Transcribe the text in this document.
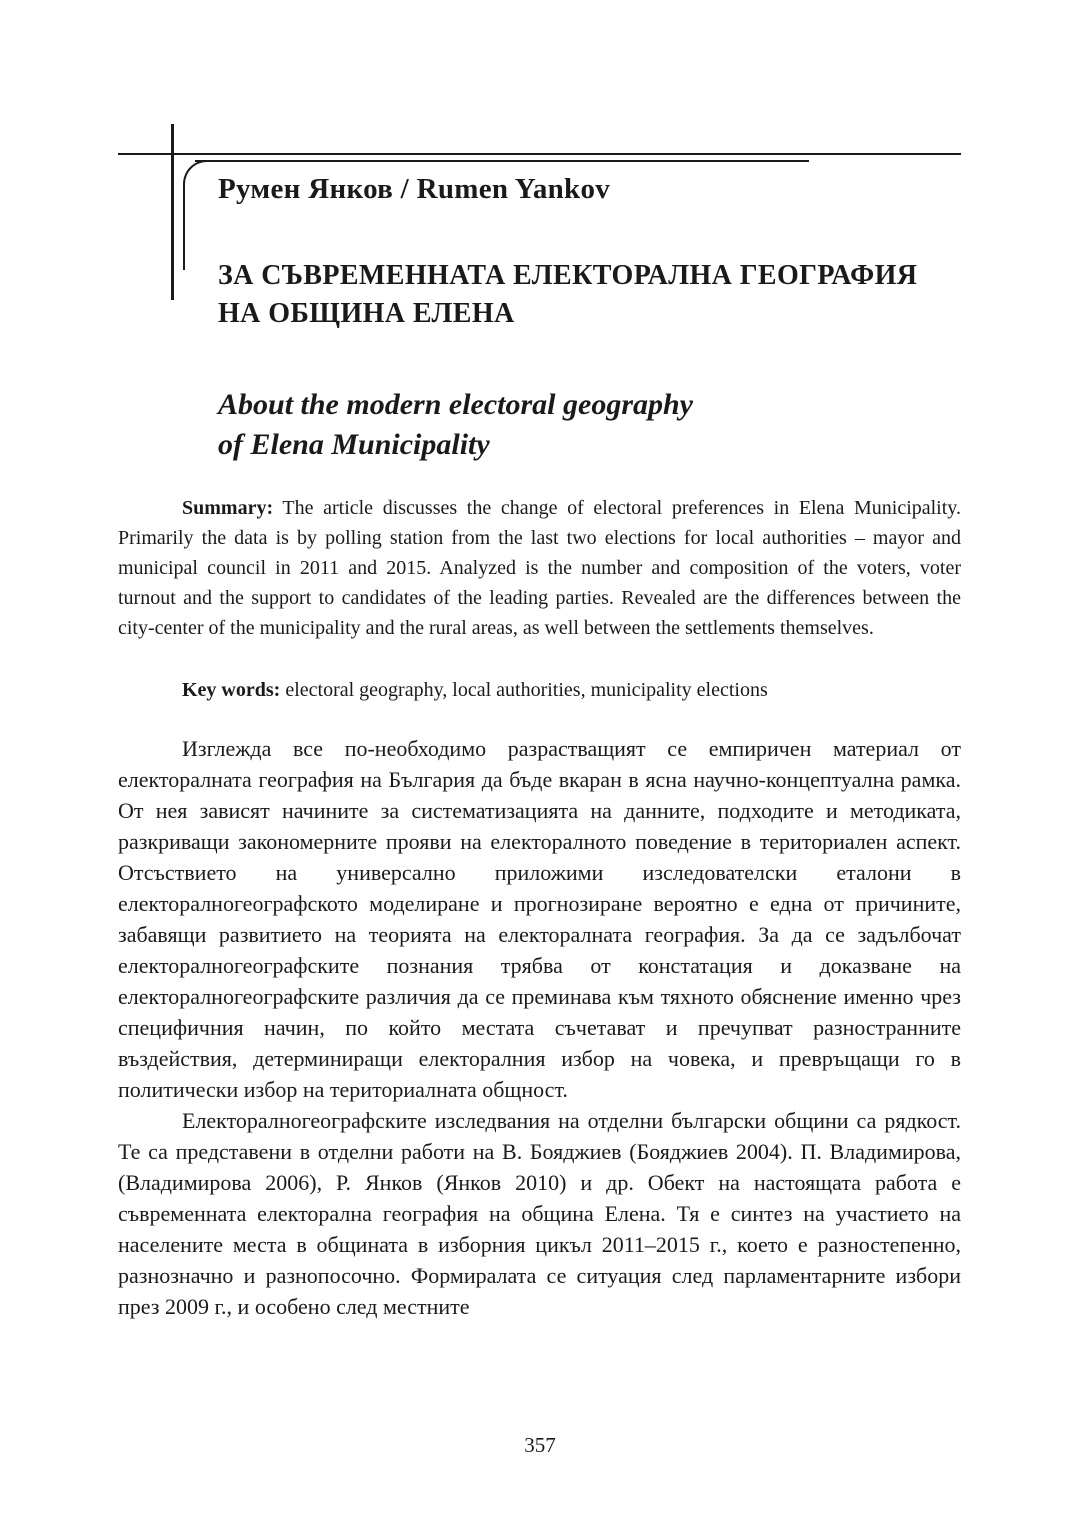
Румен Янков / Rumen Yankov
ЗА СЪВРЕМЕННАТА ЕЛЕКТОРАЛНА ГЕОГРАФИЯ
НА ОБЩИНА ЕЛЕНА
About the modern electoral geography
of Elena Municipality

Summary: The article discusses the change of electoral preferences in Elena Municipality. Primarily the data is by polling station from the last two elections for local authorities – mayor and municipal council in 2011 and 2015. Analyzed is the number and composition of the voters, voter turnout and the support to candidates of the leading parties. Revealed are the differences between the city-center of the municipality and the rural areas, as well between the settlements themselves.

Key words: electoral geography, local authorities, municipality elections

Изглежда все по-необходимо разрастващият се емпиричен материал от електоралната география на България да бъде вкаран в ясна научно-концептуална рамка. От нея зависят начините за систематизацията на данните, подходите и методиката, разкриващи закономерните прояви на електоралното поведение в териториален аспект. Отсъствието на универсално приложими изследователски еталони в електоралногеографското моделиране и прогнозиране вероятно е една от причините, забавящи развитието на теорията на електоралната география. За да се задълбочат електоралногеографските познания трябва от констатация и доказване на електоралногеографските различия да се преминава към тяхното обяснение именно чрез специфичния начин, по който местата съчетават и пречупват разностранните въздействия, детерминиращи електоралния избор на човека, и превръщащи го в политически избор на териториалната общност.

Електоралногеографските изследвания на отделни български общини са рядкост. Те са представени в отделни работи на В. Бояджиев (Бояджиев 2004). П. Владимирова, (Владимирова 2006), Р. Янков (Янков 2010) и др. Обект на настоящата работа е съвременната електорална география на община Елена. Тя е синтез на участието на населените места в общината в изборния цикъл 2011–2015 г., което е разностепенно, разнозначно и разнопосочно. Формиралата се ситуация след парламентарните избори през 2009 г., и особено след местните

357
